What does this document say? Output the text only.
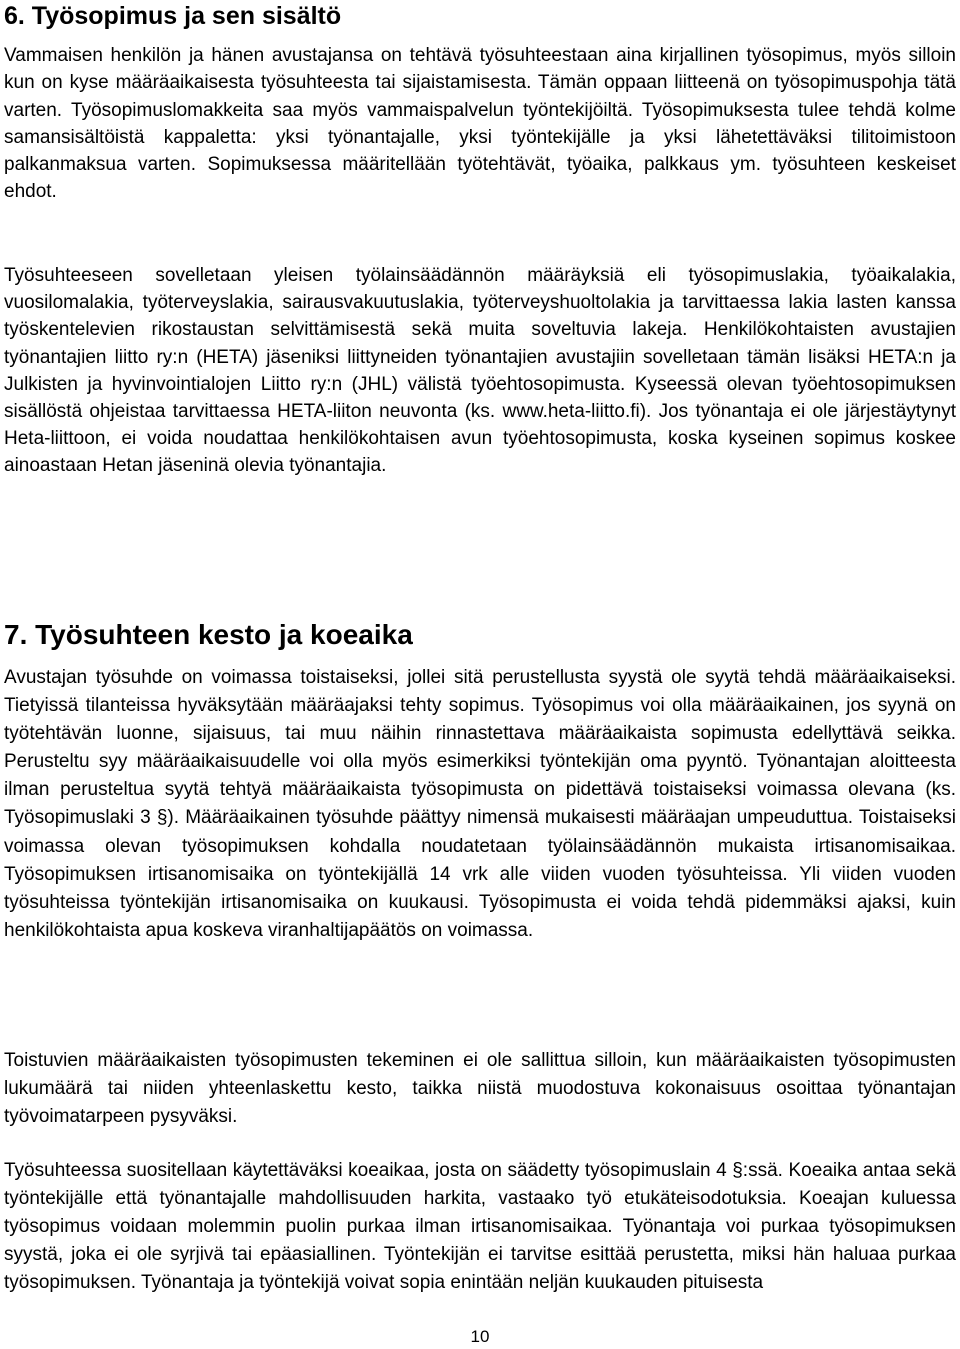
6. Työsopimus ja sen sisältö

Vammaisen henkilön ja hänen avustajansa on tehtävä työsuhteestaan aina kirjallinen työsopimus, myös silloin kun on kyse määräaikaisesta työsuhteesta tai sijaistamisesta. Tämän oppaan liitteenä on työsopimuspohja tätä varten. Työsopimuslomakkeita saa myös vammaispalvelun työntekijöiltä. Työsopimuksesta tulee tehdä kolme samansisältöistä kappaletta: yksi työnantajalle, yksi työntekijälle ja yksi lähetettäväksi tilitoimistoon palkanmaksua varten. Sopimuksessa määritellään työtehtävät, työaika, palkkaus ym. työsuhteen keskeiset ehdot.

Työsuhteeseen sovelletaan yleisen työlainsäädännön määräyksiä eli työsopimuslakia, työaikalakia, vuosilomalakia, työterveyslakia, sairausvakuutuslakia, työterveyshuoltolakia ja tarvittaessa lakia lasten kanssa työskentelevien rikostaustan selvittämisestä sekä muita soveltuvia lakeja. Henkilökohtaisten avustajien työnantajien liitto ry:n (HETA) jäseniksi liittyneiden työnantajien avustajiin sovelletaan tämän lisäksi HETA:n ja Julkisten ja hyvinvointialojen Liitto ry:n (JHL) välistä työehtosopimusta. Kyseessä olevan työehtosopimuksen sisällöstä ohjeistaa tarvittaessa HETA-liiton neuvonta (ks. www.heta-liitto.fi). Jos työnantaja ei ole järjestäytynyt Heta-liittoon, ei voida noudattaa henkilökohtaisen avun työehtosopimusta, koska kyseinen sopimus koskee ainoastaan Hetan jäseninä olevia työnantajia.

7. Työsuhteen kesto ja koeaika

Avustajan työsuhde on voimassa toistaiseksi, jollei sitä perustellusta syystä ole syytä tehdä määräaikaiseksi. Tietyissä tilanteissa hyväksytään määräajaksi tehty sopimus. Työsopimus voi olla määräaikainen, jos syynä on työtehtävän luonne, sijaisuus, tai muu näihin rinnastettava määräaikaista sopimusta edellyttävä seikka. Perusteltu syy määräaikaisuudelle voi olla myös esimerkiksi työntekijän oma pyyntö. Työnantajan aloitteesta ilman perusteltua syytä tehtyä määräaikaista työsopimusta on pidettävä toistaiseksi voimassa olevana (ks. Työsopimuslaki 3 §). Määräaikainen työsuhde päättyy nimensä mukaisesti määräajan umpeuduttua. Toistaiseksi voimassa olevan työsopimuksen kohdalla noudatetaan työlainsäädännön mukaista irtisanomisaikaa. Työsopimuksen irtisanomisaika on työntekijällä 14 vrk alle viiden vuoden työsuhteissa. Yli viiden vuoden työsuhteissa työntekijän irtisanomisaika on kuukausi. Työsopimusta ei voida tehdä pidemmäksi ajaksi, kuin henkilökohtaista apua koskeva viranhaltijapäätös on voimassa.

Toistuvien määräaikaisten työsopimusten tekeminen ei ole sallittua silloin, kun määräaikaisten työsopimusten lukumäärä tai niiden yhteenlaskettu kesto, taikka niistä muodostuva kokonaisuus osoittaa työnantajan työvoimatarpeen pysyväksi.

Työsuhteessa suositellaan käytettäväksi koeaikaa, josta on säädetty työsopimuslain 4 §:ssä. Koeaika antaa sekä työntekijälle että työnantajalle mahdollisuuden harkita, vastaako työ etukäteisodotuksia. Koeajan kuluessa työsopimus voidaan molemmin puolin purkaa ilman irtisanomisaikaa. Työnantaja voi purkaa työsopimuksen syystä, joka ei ole syrjivä tai epäasiallinen. Työntekijän ei tarvitse esittää perustetta, miksi hän haluaa purkaa työsopimuksen. Työnantaja ja työntekijä voivat sopia enintään neljän kuukauden pituisesta

10
